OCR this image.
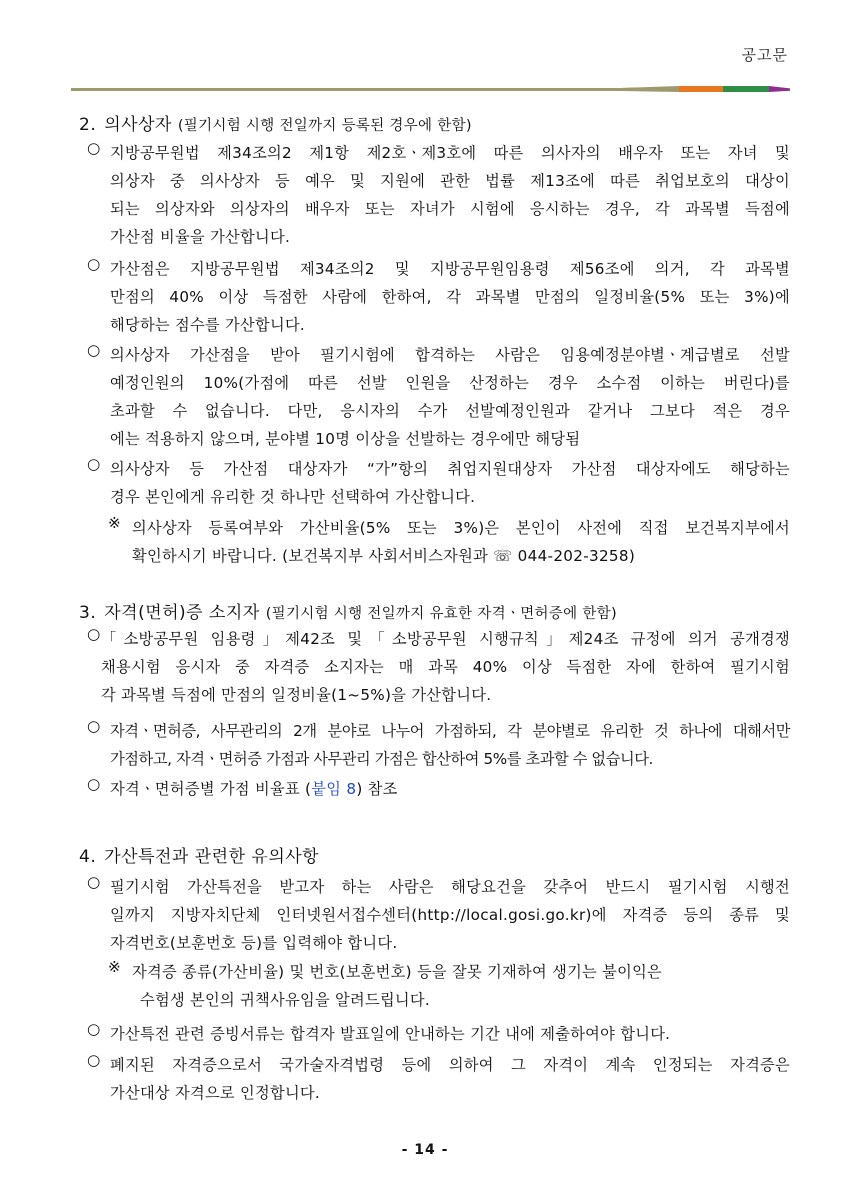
공고문
2. 의사상자 (필기시험 시행 전일까지 등록된 경우에 한함)
○ 지방공무원법 제34조의2 제1항 제2호ㆍ제3호에 따른 의사자의 배우자 또는 자녀 및
의상자 중 의사상자 등 예우 및 지원에 관한 법률 제13조에 따른 취업보호의 대상이
되는 의상자와 의상자의 배우자 또는 자녀가 시험에 응시하는 경우, 각 과목별 득점에
가산점 비율을 가산합니다.
○ 가산점은 지방공무원법 제34조의2 및 지방공무원임용령 제56조에 의거, 각 과목별
만점의 40% 이상 득점한 사람에 한하여, 각 과목별 만점의 일정비율(5% 또는 3%)에
해당하는 점수를 가산합니다.
○ 의사상자 가산점을 받아 필기시험에 합격하는 사람은 임용예정분야별ㆍ계급별로 선발
예정인원의 10%(가점에 따른 선발 인원을 산정하는 경우 소수점 이하는 버린다)를
초과할 수 없습니다. 다만, 응시자의 수가 선발예정인원과 같거나 그보다 적은 경우
에는 적용하지 않으며, 분야별 10명 이상을 선발하는 경우에만 해당됨
○ 의사상자 등 가산점 대상자가 “가”항의 취업지원대상자 가산점 대상자에도 해당하는
경우 본인에게 유리한 것 하나만 선택하여 가산합니다.
※ 의사상자 등록여부와 가산비율(5% 또는 3%)은 본인이 사전에 직접 보건복지부에서
확인하시기 바랍니다. (보건복지부 사회서비스자원과 ☏ 044-202-3258)
3. 자격(면허)증 소지자 (필기시험 시행 전일까지 유효한 자격ㆍ면허증에 한함)
○ 「소방공무원 임용령」제42조 및「소방공무원 시행규칙」제24조 규정에 의거 공개경쟁
채용시험 응시자 중 자격증 소지자는 매 과목 40% 이상 득점한 자에 한하여 필기시험
각 과목별 득점에 만점의 일정비율(1~5%)을 가산합니다.
○ 자격ㆍ면허증, 사무관리의 2개 분야로 나누어 가점하되, 각 분야별로 유리한 것 하나에 대해서만
가점하고, 자격ㆍ면허증 가점과 사무관리 가점은 합산하여 5%를 초과할 수 없습니다.
○ 자격ㆍ면허증별 가점 비율표 (붙임 8) 참조
4. 가산특전과 관련한 유의사항
○ 필기시험 가산특전을 받고자 하는 사람은 해당요건을 갖추어 반드시 필기시험 시행전
일까지 지방자치단체 인터넷원서접수센터(http://local.gosi.go.kr)에 자격증 등의 종류 및
자격번호(보훈번호 등)를 입력해야 합니다.
※ 자격증 종류(가산비율) 및 번호(보훈번호) 등을 잘못 기재하여 생기는 불이익은
수험생 본인의 귀책사유임을 알려드립니다.
○ 가산특전 관련 증빙서류는 합격자 발표일에 안내하는 기간 내에 제출하여야 합니다.
○ 폐지된 자격증으로서 국가술자격법령 등에 의하여 그 자격이 계속 인정되는 자격증은
가산대상 자격으로 인정합니다.
- 14 -
